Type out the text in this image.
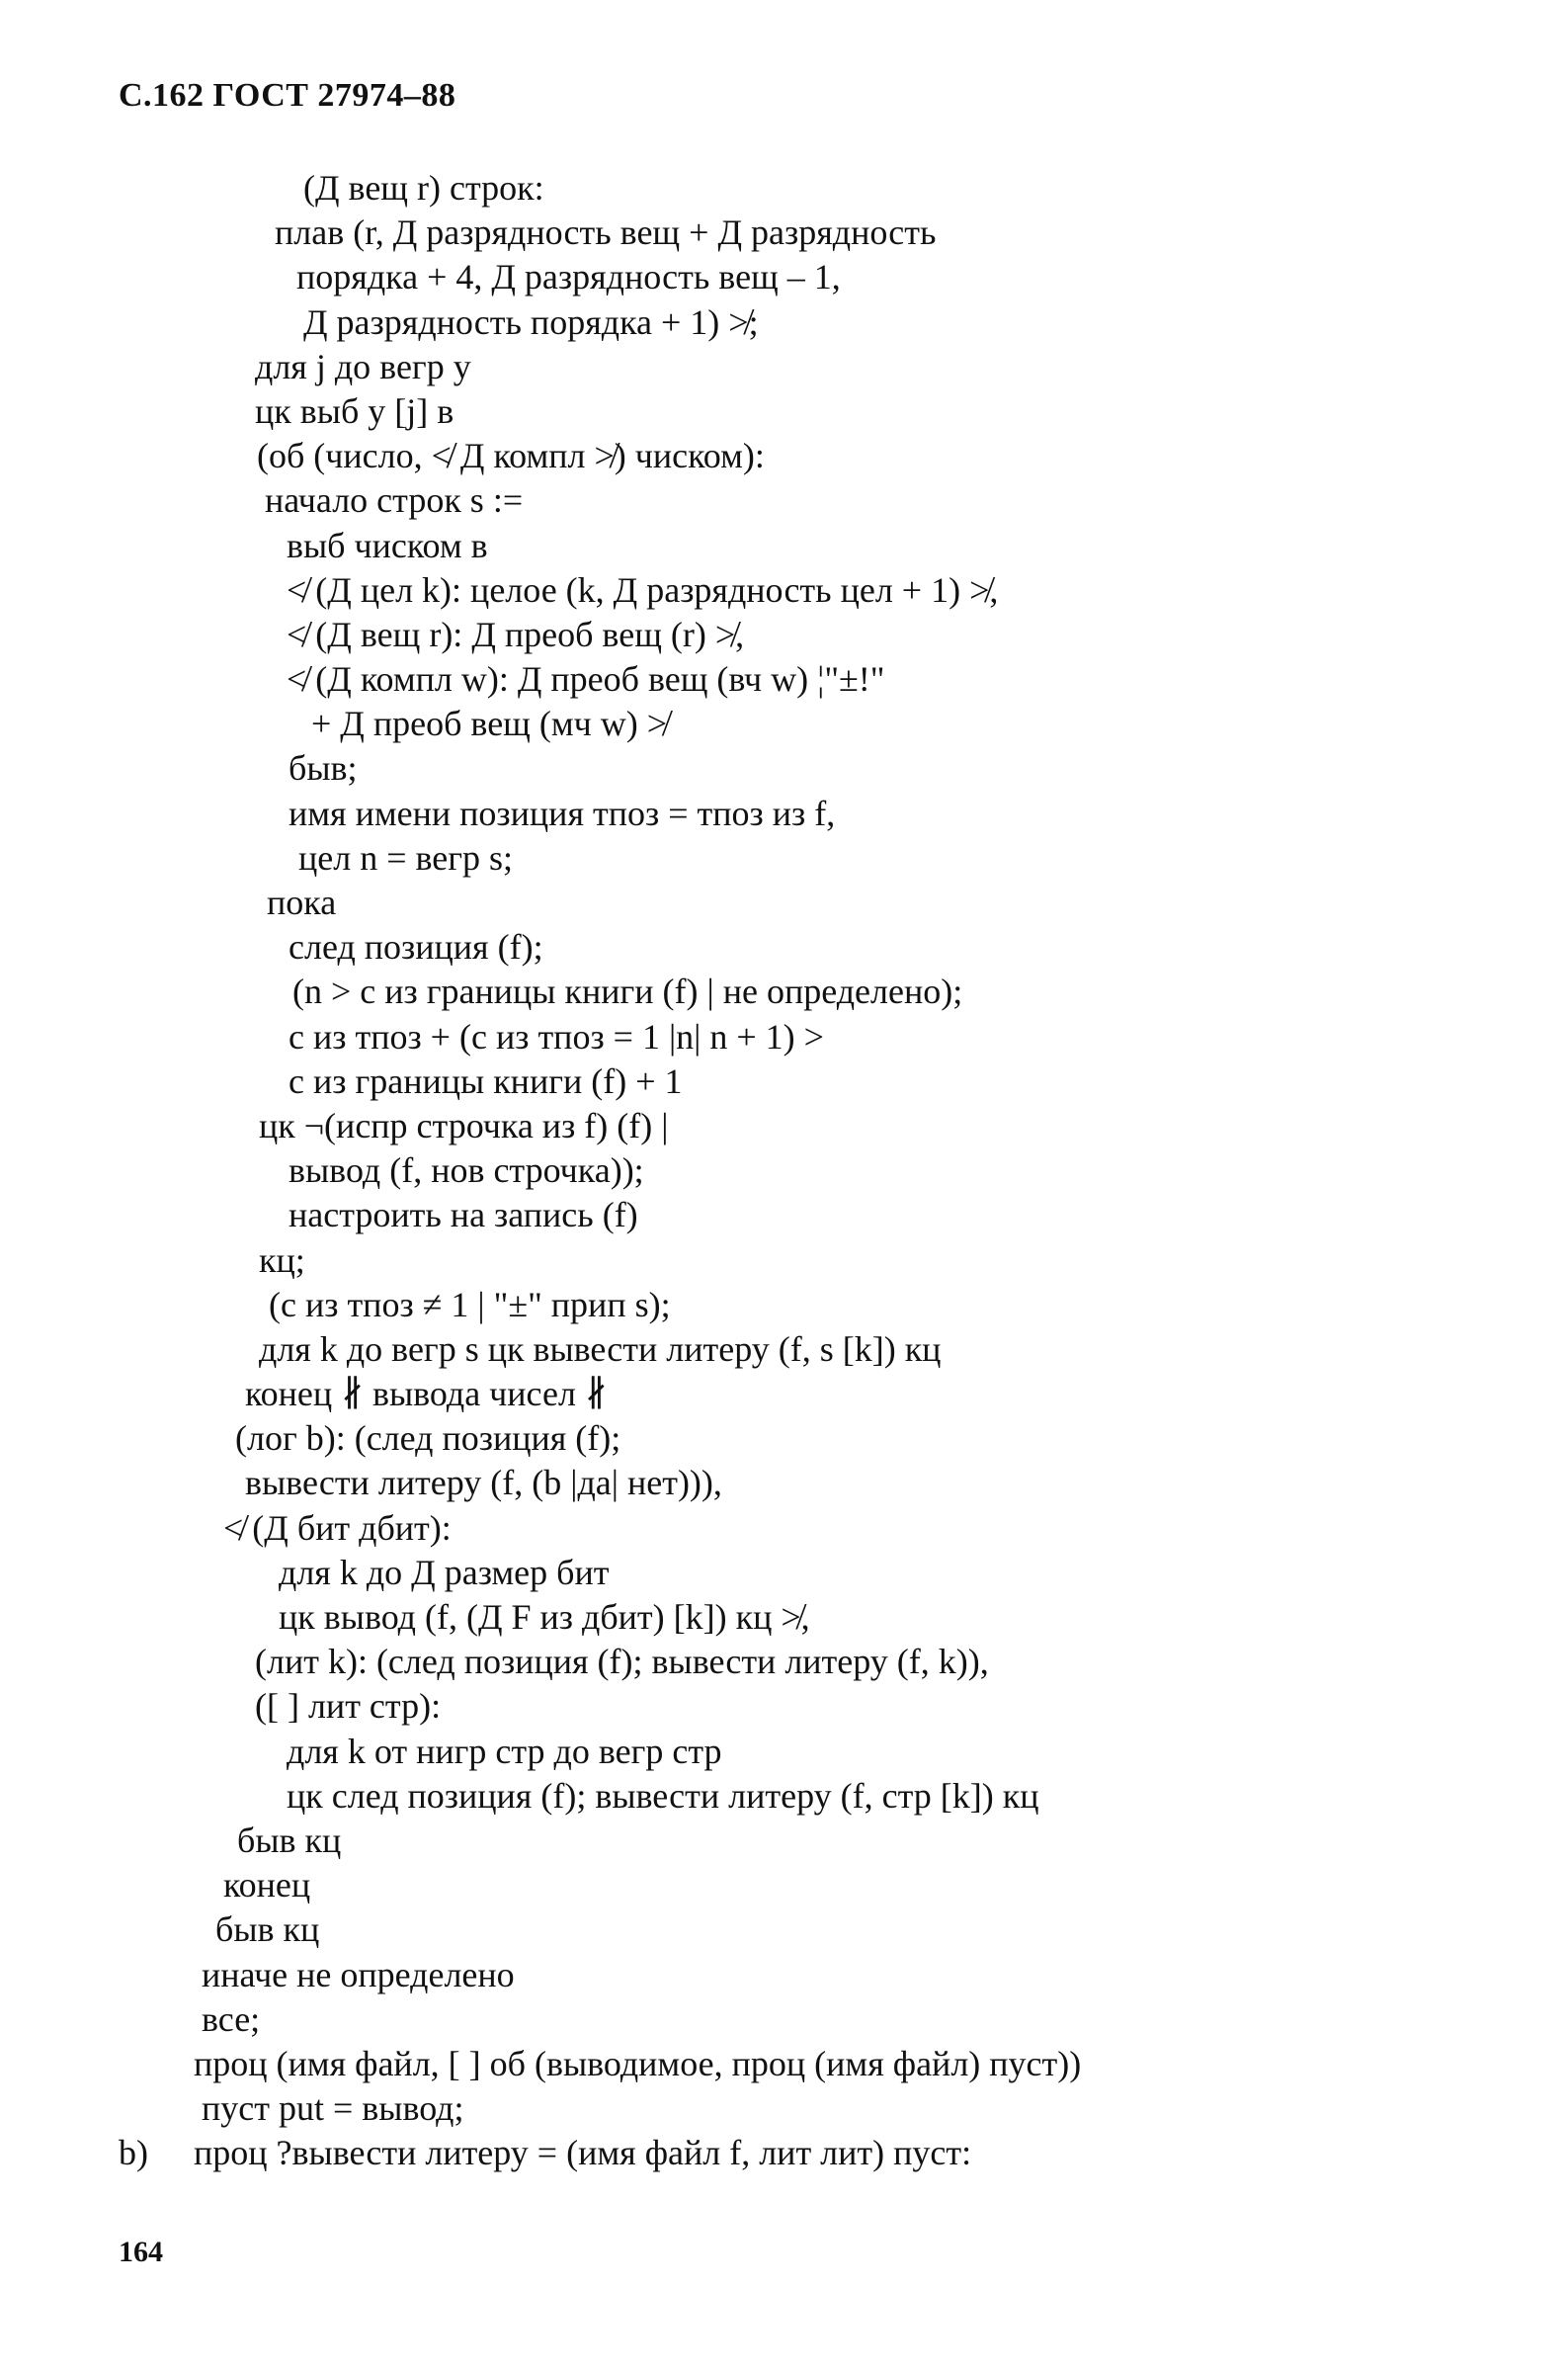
С.162 ГОСТ 27974–88
(Д вещ r) строк:
плав (r, Д разрядность вещ + Д разрядность
порядка + 4, Д разрядность вещ – 1,
Д разрядность порядка + 1) ≯;
для j до вегр y
цк выб y [j] в
(об (число, ≮ Д компл ≯) чиском):
начало строк s :=
выб чиском в
≮ (Д цел k): целое (k, Д разрядность цел + 1) ≯,
≮ (Д вещ r): Д преоб вещ (r) ≯,
≮ (Д компл w): Д преоб вещ (вч w) ¦"±!"
+ Д преоб вещ (мч w) ≯
быв;
имя имени позиция тпоз = тпоз из f,
цел n = вегр s;
пока
след позиция (f);
(n > с из границы книги (f) | не определено);
с из тпоз + (с из тпоз = 1 |n| n + 1) >
с из границы книги (f) + 1
цк ¬(испр строчка из f) (f) |
вывод (f, нов строчка));
настроить на запись (f)
кц;
(с из тпоз ≠ 1 | "±" прип s);
для k до вегр s цк вывести литеру (f, s [k]) кц
конец ∦ вывода чисел ∦
(лог b): (след позиция (f);
вывести литеру (f, (b |да| нет))),
≮ (Д бит дбит):
для k до Д размер бит
цк вывод (f, (Д F из дбит) [k]) кц ≯,
(лит k): (след позиция (f); вывести литеру (f, k)),
([ ] лит стр):
для k от нигр стр до вегр стр
цк след позиция (f); вывести литеру (f, стр [k]) кц
быв кц
конец
быв кц
иначе не определено
все;
проц (имя файл, [ ] об (выводимое, проц (имя файл) пуст))
пуст put = вывод;
b) проц ?вывести литеру = (имя файл f, лит лит) пуст:
164
